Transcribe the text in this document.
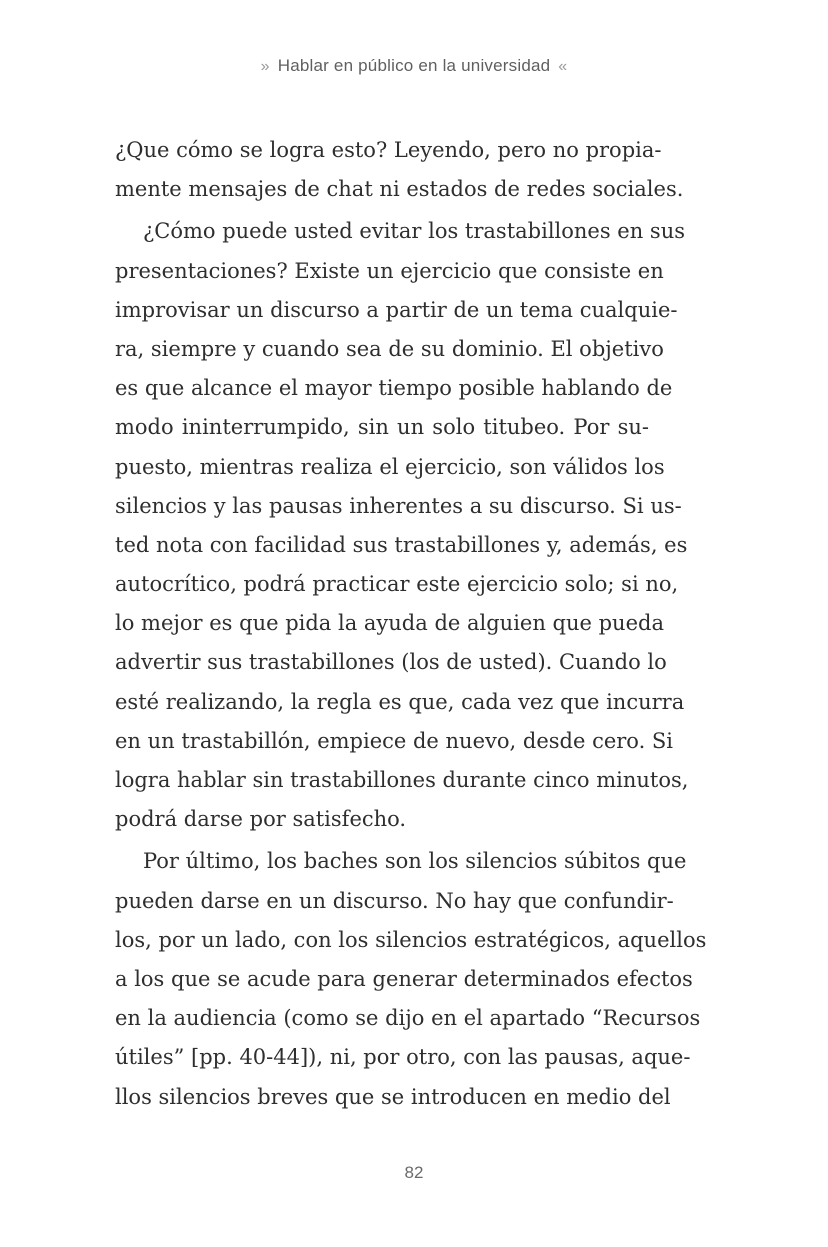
» Hablar en público en la universidad «
¿Que cómo se logra esto? Leyendo, pero no propia-
mente mensajes de chat ni estados de redes sociales.
¿Cómo puede usted evitar los trastabillones en sus
presentaciones? Existe un ejercicio que consiste en
improvisar un discurso a partir de un tema cualquie-
ra, siempre y cuando sea de su dominio. El objetivo
es que alcance el mayor tiempo posible hablando de
modo ininterrumpido, sin un solo titubeo. Por su-
puesto, mientras realiza el ejercicio, son válidos los
silencios y las pausas inherentes a su discurso. Si us-
ted nota con facilidad sus trastabillones y, además, es
autocrítico, podrá practicar este ejercicio solo; si no,
lo mejor es que pida la ayuda de alguien que pueda
advertir sus trastabillones (los de usted). Cuando lo
esté realizando, la regla es que, cada vez que incurra
en un trastabillón, empiece de nuevo, desde cero. Si
logra hablar sin trastabillones durante cinco minutos,
podrá darse por satisfecho.
Por último, los baches son los silencios súbitos que
pueden darse en un discurso. No hay que confundir-
los, por un lado, con los silencios estratégicos, aquellos
a los que se acude para generar determinados efectos
en la audiencia (como se dijo en el apartado “Recursos
útiles” [pp. 40-44]), ni, por otro, con las pausas, aque-
llos silencios breves que se introducen en medio del
82
